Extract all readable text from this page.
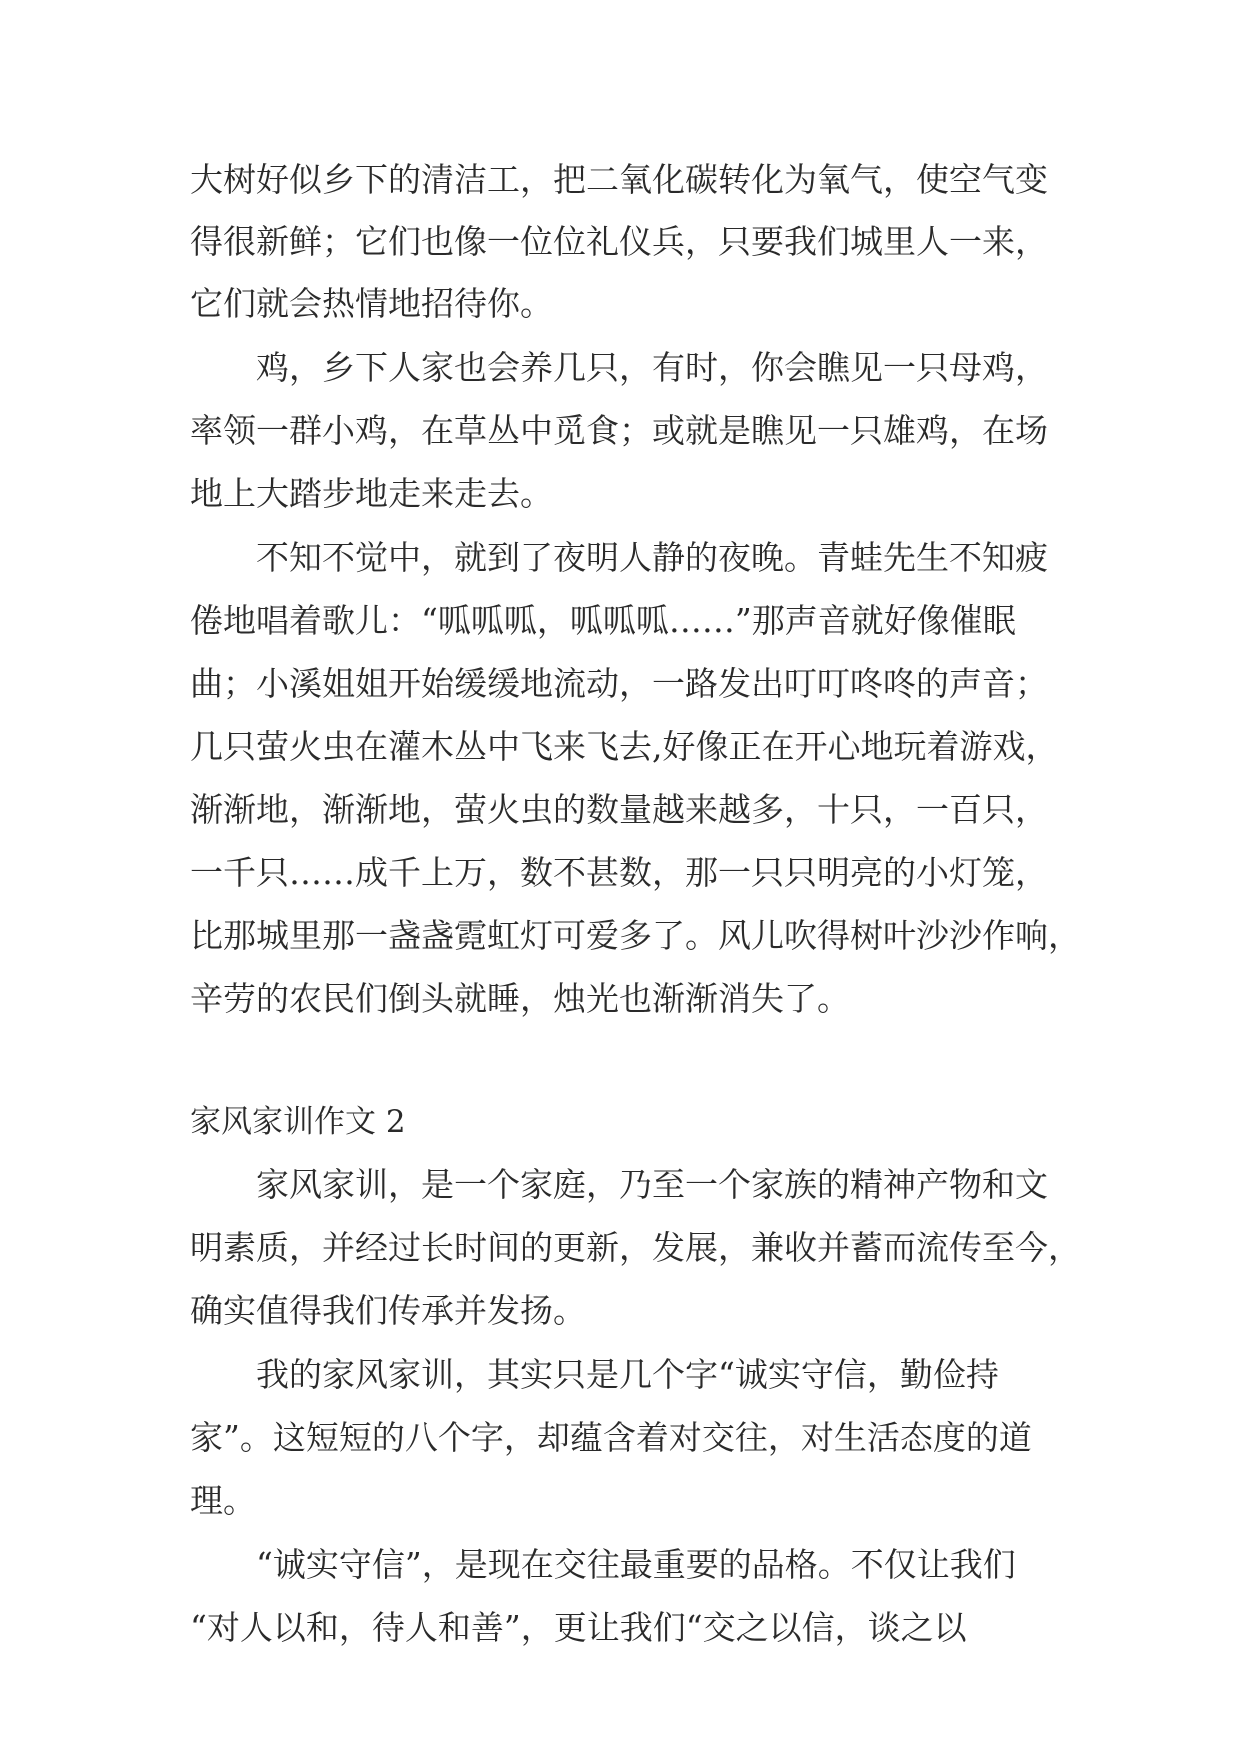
大树好似乡下的清洁工，把二氧化碳转化为氧气，使空气变
得很新鲜；它们也像一位位礼仪兵，只要我们城里人一来，
它们就会热情地招待你。
鸡，乡下人家也会养几只，有时，你会瞧见一只母鸡，
率领一群小鸡，在草丛中觅食；或就是瞧见一只雄鸡，在场
地上大踏步地走来走去。
不知不觉中，就到了夜明人静的夜晚。青蛙先生不知疲
倦地唱着歌儿：“呱呱呱，呱呱呱……”那声音就好像催眠
曲；小溪姐姐开始缓缓地流动，一路发出叮叮咚咚的声音；
几只萤火虫在灌木丛中飞来飞去,好像正在开心地玩着游戏，
渐渐地，渐渐地，萤火虫的数量越来越多，十只，一百只，
一千只……成千上万，数不甚数，那一只只明亮的小灯笼，
比那城里那一盏盏霓虹灯可爱多了。风儿吹得树叶沙沙作响，
辛劳的农民们倒头就睡，烛光也渐渐消失了。
家风家训作文 2
家风家训，是一个家庭，乃至一个家族的精神产物和文
明素质，并经过长时间的更新，发展，兼收并蓄而流传至今，
确实值得我们传承并发扬。
我的家风家训，其实只是几个字“诚实守信，勤俭持
家”。这短短的八个字，却蕴含着对交往，对生活态度的道
理。
“诚实守信”，是现在交往最重要的品格。不仅让我们
“对人以和，待人和善”，更让我们“交之以信，谈之以
